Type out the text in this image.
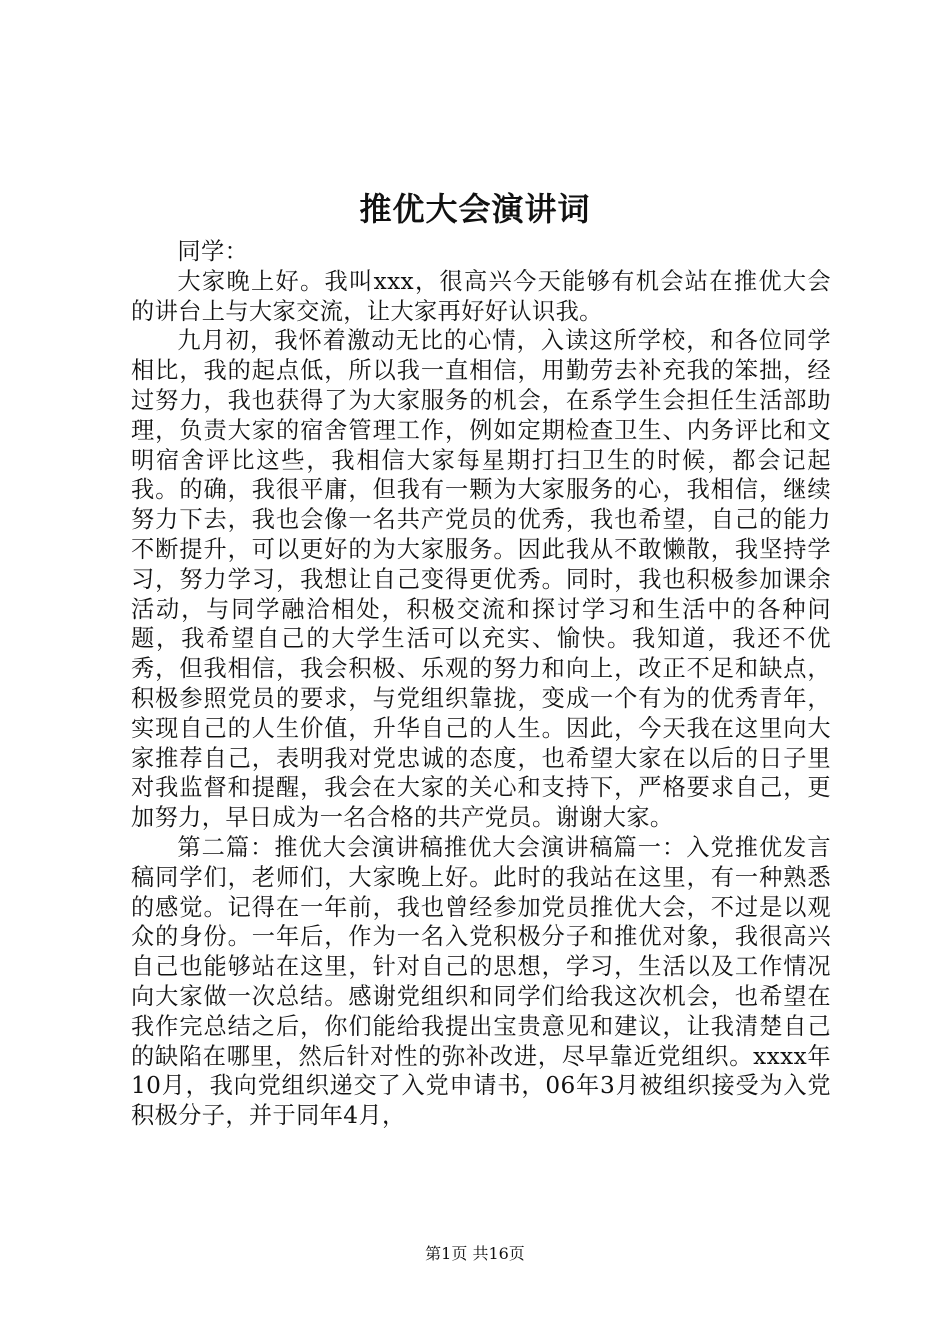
推优大会演讲词

同学：

大家晚上好。我叫xxx，很高兴今天能够有机会站在推优大会的讲台上与大家交流，让大家再好好认识我。

九月初，我怀着激动无比的心情，入读这所学校，和各位同学相比，我的起点低，所以我一直相信，用勤劳去补充我的笨拙，经过努力，我也获得了为大家服务的机会，在系学生会担任生活部助理，负责大家的宿舍管理工作，例如定期检查卫生、内务评比和文明宿舍评比这些，我相信大家每星期打扫卫生的时候，都会记起我。的确，我很平庸，但我有一颗为大家服务的心，我相信，继续努力下去，我也会像一名共产党员的优秀，我也希望，自己的能力不断提升，可以更好的为大家服务。因此我从不敢懒散，我坚持学习，努力学习，我想让自己变得更优秀。同时，我也积极参加课余活动，与同学融洽相处，积极交流和探讨学习和生活中的各种问题，我希望自己的大学生活可以充实、愉快。我知道，我还不优秀，但我相信，我会积极、乐观的努力和向上，改正不足和缺点，积极参照党员的要求，与党组织靠拢，变成一个有为的优秀青年，实现自己的人生价值，升华自己的人生。因此，今天我在这里向大家推荐自己，表明我对党忠诚的态度，也希望大家在以后的日子里对我监督和提醒，我会在大家的关心和支持下，严格要求自己，更加努力，早日成为一名合格的共产党员。谢谢大家。

第二篇：推优大会演讲稿推优大会演讲稿篇一：入党推优发言稿同学们，老师们，大家晚上好。此时的我站在这里，有一种熟悉的感觉。记得在一年前，我也曾经参加党员推优大会，不过是以观众的身份。一年后，作为一名入党积极分子和推优对象，我很高兴自己也能够站在这里，针对自己的思想，学习，生活以及工作情况向大家做一次总结。感谢党组织和同学们给我这次机会，也希望在我作完总结之后，你们能给我提出宝贵意见和建议，让我清楚自己的缺陷在哪里，然后针对性的弥补改进，尽早靠近党组织。xxxx年10月，我向党组织递交了入党申请书，06年3月被组织接受为入党积极分子，并于同年4月，

第1页 共16页
